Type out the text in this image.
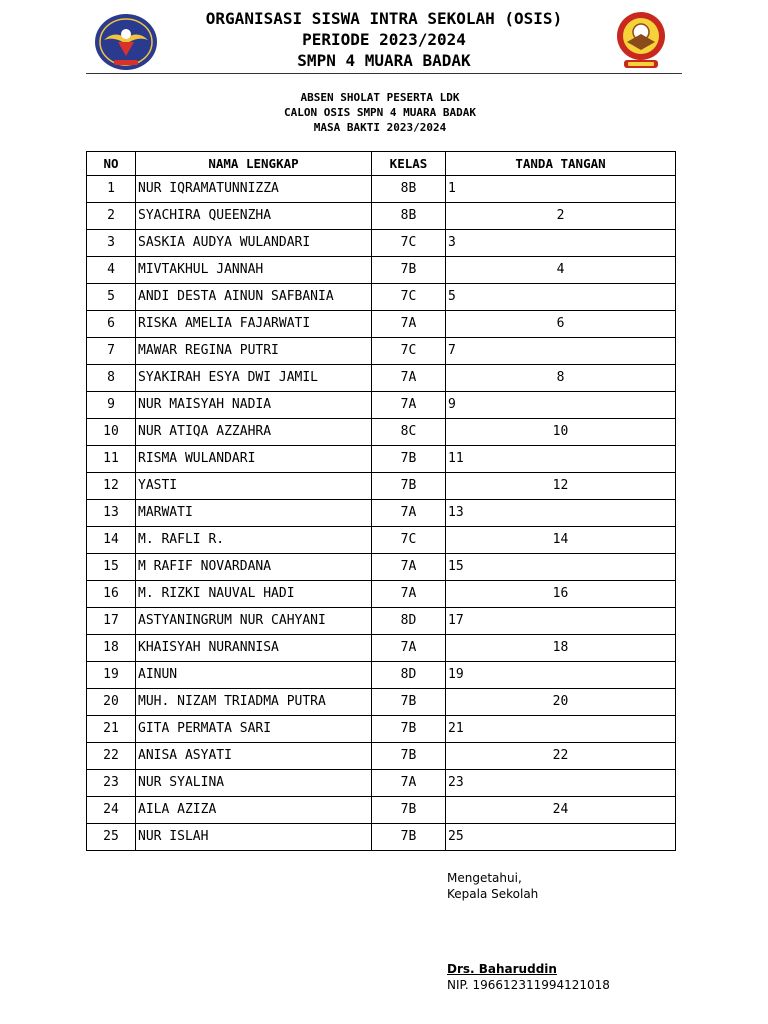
ORGANISASI SISWA INTRA SEKOLAH (OSIS)
PERIODE 2023/2024
SMPN 4 MUARA BADAK
ABSEN SHOLAT PESERTA LDK
CALON OSIS SMPN 4 MUARA BADAK
MASA BAKTI 2023/2024
NO	NAMA LENGKAP	KELAS	TANDA TANGAN
1	NUR IQRAMATUNNIZZA	8B	1
2	SYACHIRA QUEENZHA	8B	2
3	SASKIA AUDYA WULANDARI	7C	3
4	MIVTAKHUL JANNAH	7B	4
5	ANDI DESTA AINUN SAFBANIA	7C	5
6	RISKA AMELIA FAJARWATI	7A	6
7	MAWAR REGINA PUTRI	7C	7
8	SYAKIRAH ESYA DWI JAMIL	7A	8
9	NUR MAISYAH NADIA	7A	9
10	NUR ATIQA AZZAHRA	8C	10
11	RISMA WULANDARI	7B	11
12	YASTI	7B	12
13	MARWATI	7A	13
14	M. RAFLI R.	7C	14
15	M RAFIF NOVARDANA	7A	15
16	M. RIZKI NAUVAL HADI	7A	16
17	ASTYANINGRUM NUR CAHYANI	8D	17
18	KHAISYAH NURANNISA	7A	18
19	AINUN	8D	19
20	MUH. NIZAM TRIADMA PUTRA	7B	20
21	GITA PERMATA SARI	7B	21
22	ANISA ASYATI	7B	22
23	NUR SYALINA	7A	23
24	AILA AZIZA	7B	24
25	NUR ISLAH	7B	25
Mengetahui,
Kepala Sekolah
Drs. Baharuddin
NIP. 196612311994121018
